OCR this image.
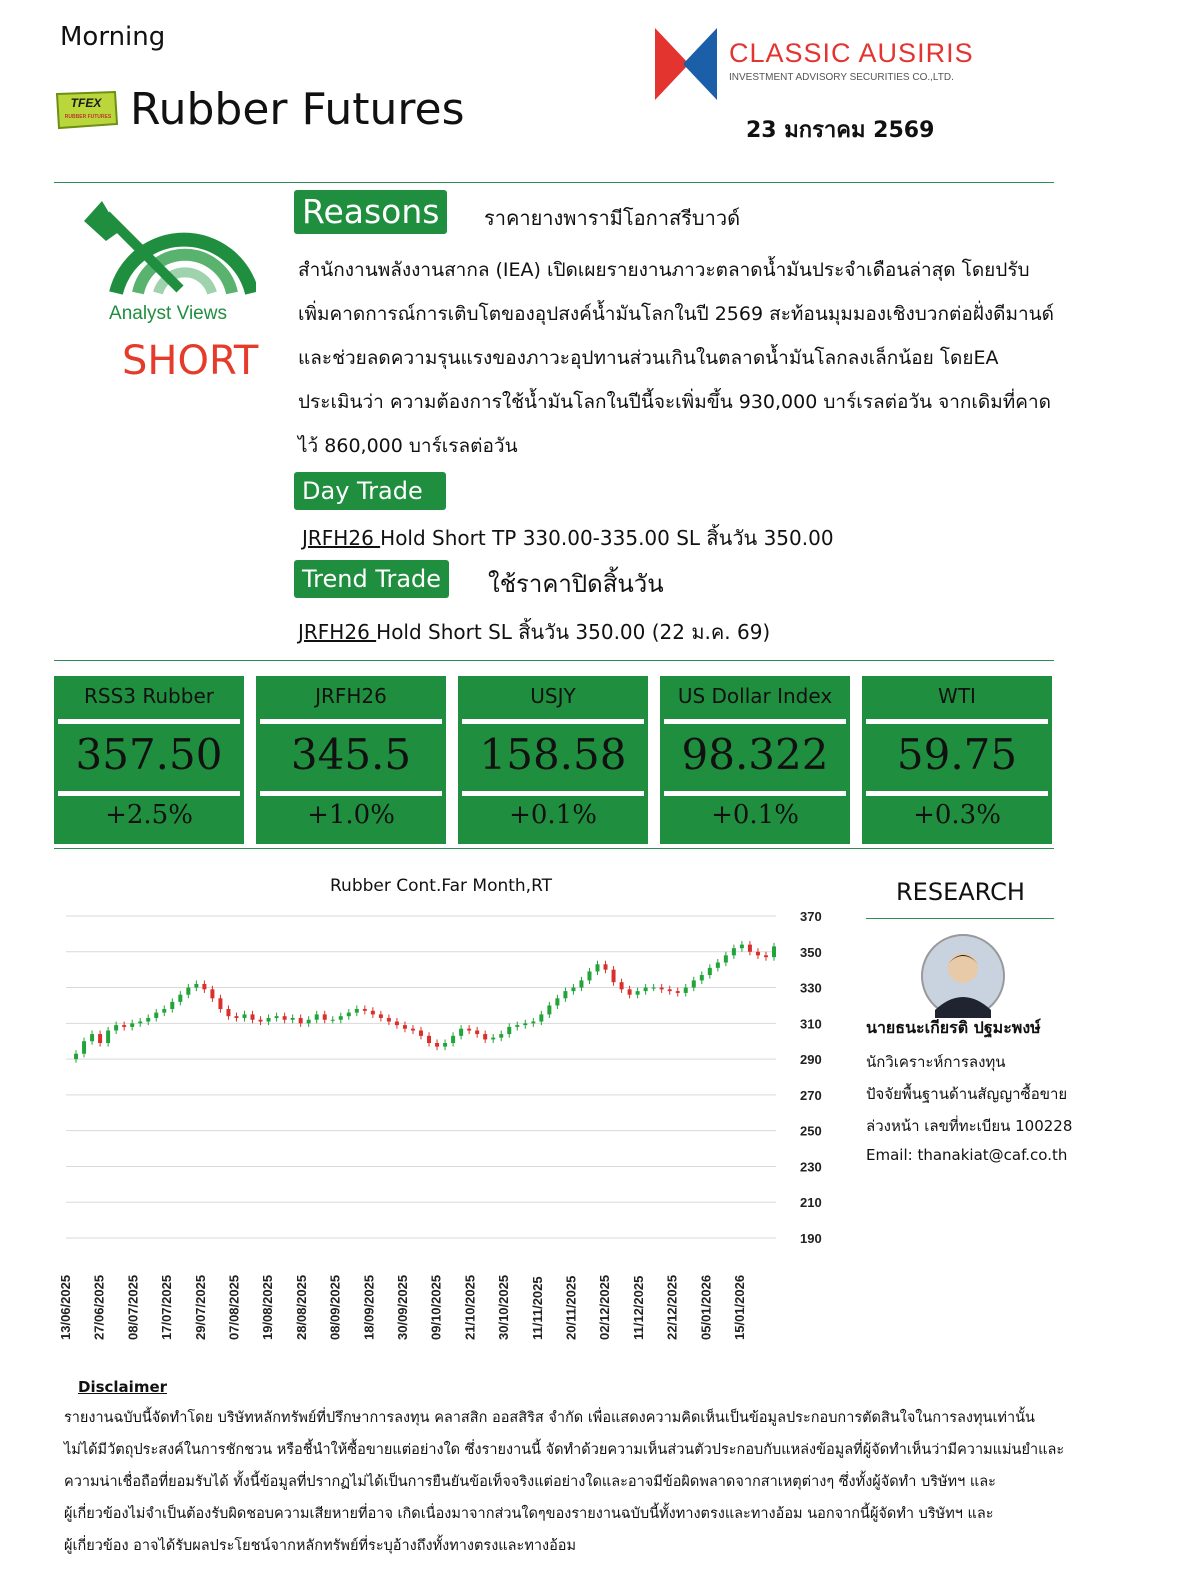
Morning
TFEX
RUBBER FUTURES Rubber Futures
CLASSIC AUSIRIS
INVESTMENT ADVISORY SECURITIES CO.,LTD.
23 มกราคม 2569
Analyst Views
SHORT
Reasons	ราคายางพารามีโอกาสรีบาวด์
สำนักงานพลังงานสากล (IEA) เปิดเผยรายงานภาวะตลาดน้ำมันประจำเดือนล่าสุด โดยปรับ
เพิ่มคาดการณ์การเติบโตของอุปสงค์น้ำมันโลกในปี 2569 สะท้อนมุมมองเชิงบวกต่อฝั่งดีมานด์
และช่วยลดความรุนแรงของภาวะอุปทานส่วนเกินในตลาดน้ำมันโลกลงเล็กน้อย โดยEA
ประเมินว่า ความต้องการใช้น้ำมันโลกในปีนี้จะเพิ่มขึ้น 930,000 บาร์เรลต่อวัน จากเดิมที่คาด
ไว้ 860,000 บาร์เรลต่อวัน
Day Trade
JRFH26 Hold Short TP 330.00-335.00 SL สิ้นวัน 350.00
Trend Trade	ใช้ราคาปิดสิ้นวัน
JRFH26 Hold Short SL สิ้นวัน 350.00 (22 ม.ค. 69)
RSS3 Rubber
357.50
+2.5%
JRFH26
345.5
+1.0%
USJY
158.58
+0.1%
US Dollar Index
98.322
+0.1%
WTI
59.75
+0.3%
Rubber Cont.Far Month,RT
370
350
330
310
290
270
250
230
210
190
13/06/2025 27/06/2025 08/07/2025 17/07/2025 29/07/2025 07/08/2025 19/08/2025 28/08/2025 08/09/2025 18/09/2025 30/09/2025 09/10/2025 21/10/2025 30/10/2025 11/11/2025 20/11/2025 02/12/2025 11/12/2025 22/12/2025 05/01/2026 15/01/2026
RESEARCH
นายธนะเกียรติ ปฐมะพงษ์
นักวิเคราะห์การลงทุน
ปัจจัยพื้นฐานด้านสัญญาซื้อขาย
ล่วงหน้า เลขที่ทะเบียน 100228
Email: thanakiat@caf.co.th
Disclaimer
รายงานฉบับนี้จัดทำโดย บริษัทหลักทรัพย์ที่ปรึกษาการลงทุน คลาสสิก ออสสิริส จำกัด เพื่อแสดงความคิดเห็นเป็นข้อมูลประกอบการตัดสินใจในการลงทุนเท่านั้น
ไม่ได้มีวัตถุประสงค์ในการชักชวน หรือชี้นำให้ซื้อขายแต่อย่างใด ซึ่งรายงานนี้ จัดทำด้วยความเห็นส่วนตัวประกอบกับแหล่งข้อมูลที่ผู้จัดทำเห็นว่ามีความแม่นยำและ
ความน่าเชื่อถือที่ยอมรับได้ ทั้งนี้ข้อมูลที่ปรากฏไม่ได้เป็นการยืนยันข้อเท็จจริงแต่อย่างใดและอาจมีข้อผิดพลาดจากสาเหตุต่างๆ ซึ่งทั้งผู้จัดทำ บริษัทฯ และ
ผู้เกี่ยวข้องไม่จำเป็นต้องรับผิดชอบความเสียหายที่อาจ เกิดเนื่องมาจากส่วนใดๆของรายงานฉบับนี้ทั้งทางตรงและทางอ้อม นอกจากนี้ผู้จัดทำ บริษัทฯ และ
ผู้เกี่ยวข้อง อาจได้รับผลประโยชน์จากหลักทรัพย์ที่ระบุอ้างถึงทั้งทางตรงและทางอ้อม
